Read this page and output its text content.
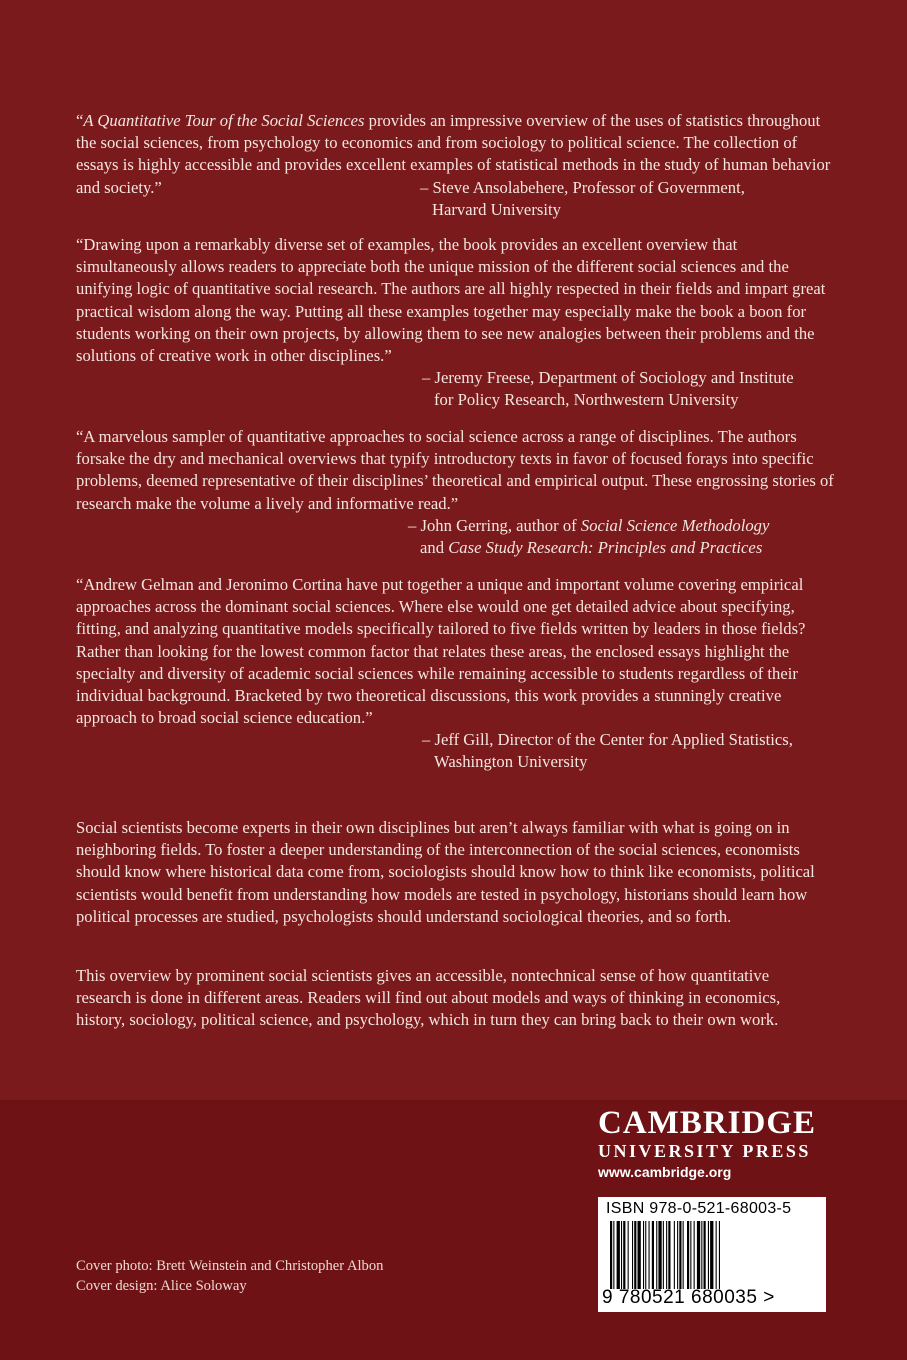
“A Quantitative Tour of the Social Sciences provides an impressive overview of the uses of statistics throughout the social sciences, from psychology to economics and from sociology to political science. The collection of essays is highly accessible and provides excellent examples of statistical methods in the study of human behavior and society.”	– Steve Ansolabehere, Professor of Government,
Harvard University

“Drawing upon a remarkably diverse set of examples, the book provides an excellent overview that simultaneously allows readers to appreciate both the unique mission of the different social sciences and the unifying logic of quantitative social research. The authors are all highly respected in their fields and impart great practical wisdom along the way. Putting all these examples together may especially make the book a boon for students working on their own projects, by allowing them to see new analogies between their problems and the solutions of creative work in other disciplines.”

– Jeremy Freese, Department of Sociology and Institute
for Policy Research, Northwestern University

“A marvelous sampler of quantitative approaches to social science across a range of disciplines. The authors forsake the dry and mechanical overviews that typify introductory texts in favor of focused forays into specific problems, deemed representative of their disciplines’ theoretical and empirical output. These engrossing stories of research make the volume a lively and informative read.”

– John Gerring, author of Social Science Methodology
and Case Study Research: Principles and Practices

“Andrew Gelman and Jeronimo Cortina have put together a unique and important volume covering empirical approaches across the dominant social sciences. Where else would one get detailed advice about specifying, fitting, and analyzing quantitative models specifically tailored to five fields written by leaders in those fields? Rather than looking for the lowest common factor that relates these areas, the enclosed essays highlight the specialty and diversity of academic social sciences while remaining accessible to students regardless of their individual background. Bracketed by two theoretical discussions, this work provides a stunningly creative approach to broad social science education.”

– Jeff Gill, Director of the Center for Applied Statistics,
Washington University

Social scientists become experts in their own disciplines but aren’t always familiar with what is going on in neighboring fields. To foster a deeper understanding of the interconnection of the social sciences, economists should know where historical data come from, sociologists should know how to think like economists, political scientists would benefit from understanding how models are tested in psychology, historians should learn how political processes are studied, psychologists should understand sociological theories, and so forth.

This overview by prominent social scientists gives an accessible, nontechnical sense of how quantitative research is done in different areas. Readers will find out about models and ways of thinking in economics, history, sociology, political science, and psychology, which in turn they can bring back to their own work.

CAMBRIDGE
UNIVERSITY PRESS
www.cambridge.org
ISBN 978-0-521-68003-5
9 780521 680035 >
Cover photo: Brett Weinstein and Christopher Albon
Cover design: Alice Soloway
